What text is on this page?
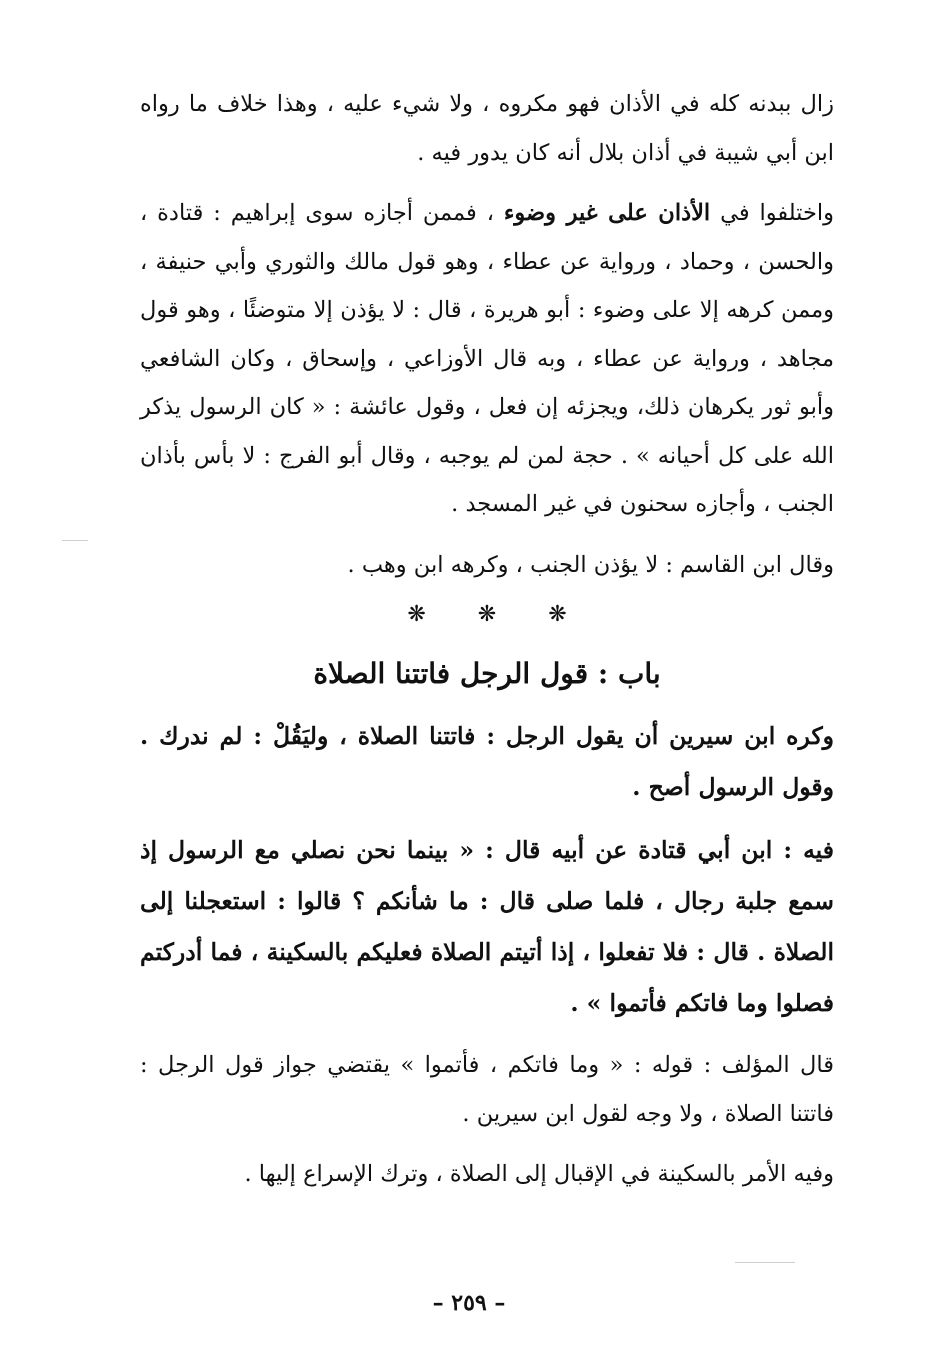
زال ببدنه كله في الأذان فهو مكروه ، ولا شيء عليه ، وهذا خلاف ما رواه ابن أبي شيبة في أذان بلال أنه كان يدور فيه .

واختلفوا في الأذان على غير وضوء ، فممن أجازه سوى إبراهيم : قتادة ، والحسن ، وحماد ، ورواية عن عطاء ، وهو قول مالك والثوري وأبي حنيفة ، وممن كرهه إلا على وضوء : أبو هريرة ، قال : لا يؤذن إلا متوضئًا ، وهو قول مجاهد ، ورواية عن عطاء ، وبه قال الأوزاعي ، وإسحاق ، وكان الشافعي وأبو ثور يكرهان ذلك، ويجزئه إن فعل ، وقول عائشة : « كان الرسول يذكر الله على كل أحيانه » . حجة لمن لم يوجبه ، وقال أبو الفرج : لا بأس بأذان الجنب ، وأجازه سحنون في غير المسجد .

وقال ابن القاسم : لا يؤذن الجنب ، وكرهه ابن وهب .

❋❋❋
باب : قول الرجل فاتتنا الصلاة

وكره ابن سيرين أن يقول الرجل : فاتتنا الصلاة ، وليَقُلْ : لم ندرك . وقول الرسول أصح .

فيه : ابن أبي قتادة عن أبيه قال : « بينما نحن نصلي مع الرسول إذ سمع جلبة رجال ، فلما صلى قال : ما شأنكم ؟ قالوا : استعجلنا إلى الصلاة . قال : فلا تفعلوا ، إذا أتيتم الصلاة فعليكم بالسكينة ، فما أدركتم فصلوا وما فاتكم فأتموا » .

قال المؤلف : قوله : « وما فاتكم ، فأتموا » يقتضي جواز قول الرجل : فاتتنا الصلاة ، ولا وجه لقول ابن سيرين .

وفيه الأمر بالسكينة في الإقبال إلى الصلاة ، وترك الإسراع إليها .

– ٢٥٩ –
